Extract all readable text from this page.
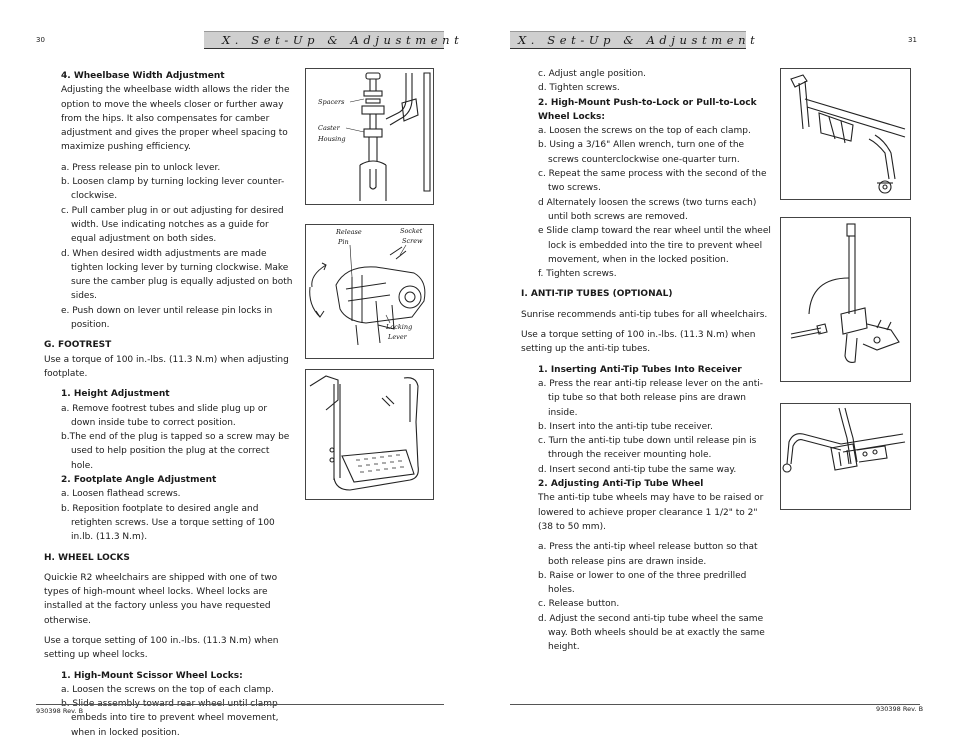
30	X. Set-Up & Adjustment

4. Wheelbase Width Adjustment

Adjusting the wheelbase width allows the rider the option to move the wheels closer or further away from the hips. It also compensates for camber adjustment and gives the proper wheel spacing to maximize pushing efficiency.

a. Press release pin to unlock lever.

b. Loosen clamp by turning locking lever counter-clockwise.

c. Pull camber plug in or out adjusting for desired width. Use indicating notches as a guide for equal adjustment on both sides.

d. When desired width adjustments are made tighten locking lever by turning clockwise. Make sure the camber plug is equally adjusted on both sides.

e. Push down on lever until release pin locks in position.

G. FOOTREST

Use a torque of 100 in.-lbs. (11.3 N.m) when adjusting footplate.

1. Height Adjustment

a. Remove footrest tubes and slide plug up or down inside tube to correct position.

b.The end of the plug is tapped so a screw may be used to help position the plug at the correct hole.

2. Footplate Angle Adjustment

a. Loosen flathead screws.

b. Reposition footplate to desired angle and retighten screws. Use a torque setting of 100 in.lb. (11.3 N.m).

H. WHEEL LOCKS

Quickie R2 wheelchairs are shipped with one of two types of high-mount wheel locks. Wheel locks are installed at the factory unless you have requested otherwise.

Use a torque setting of 100 in.-lbs. (11.3 N.m) when setting up wheel locks.

1. High-Mount Scissor Wheel Locks:

a. Loosen the screws on the top of each clamp.

b. Slide assembly toward rear wheel until clamp embeds into tire to prevent wheel movement, when in locked position.

Spacers
Caster
Housing
Release
Pin
Socket
Screw
Locking
Lever
930398 Rev. B
X. Set-Up & Adjustment	31

c. Adjust angle position.

d. Tighten screws.

2. High-Mount Push-to-Lock or Pull-to-Lock Wheel Locks:

a. Loosen the screws on the top of each clamp.

b. Using a 3/16" Allen wrench, turn one of the screws counterclockwise one-quarter turn.

c. Repeat the same process with the second of the two screws.

d Alternately loosen the screws (two turns each) until both screws are removed.

e Slide clamp toward the rear wheel until the wheel lock is embedded into the tire to prevent wheel movement, when in the locked position.

f. Tighten screws.

I. ANTI-TIP TUBES (OPTIONAL)

Sunrise recommends anti-tip tubes for all wheelchairs.

Use a torque setting of 100 in.-lbs. (11.3 N.m) when setting up the anti-tip tubes.

1. Inserting Anti-Tip Tubes Into Receiver

a. Press the rear anti-tip release lever on the anti-tip tube so that both release pins are drawn inside.

b. Insert into the anti-tip tube receiver.

c. Turn the anti-tip tube down until release pin is through the receiver mounting hole.

d. Insert second anti-tip tube the same way.

2. Adjusting Anti-Tip Tube Wheel

The anti-tip tube wheels may have to be raised or lowered to achieve proper clearance 1 1/2" to 2" (38 to 50 mm).

a. Press the anti-tip wheel release button so that both release pins are drawn inside.

b. Raise or lower to one of the three predrilled holes.

c. Release button.

d. Adjust the second anti-tip tube wheel the same way. Both wheels should be at exactly the same height.

930398 Rev. B
